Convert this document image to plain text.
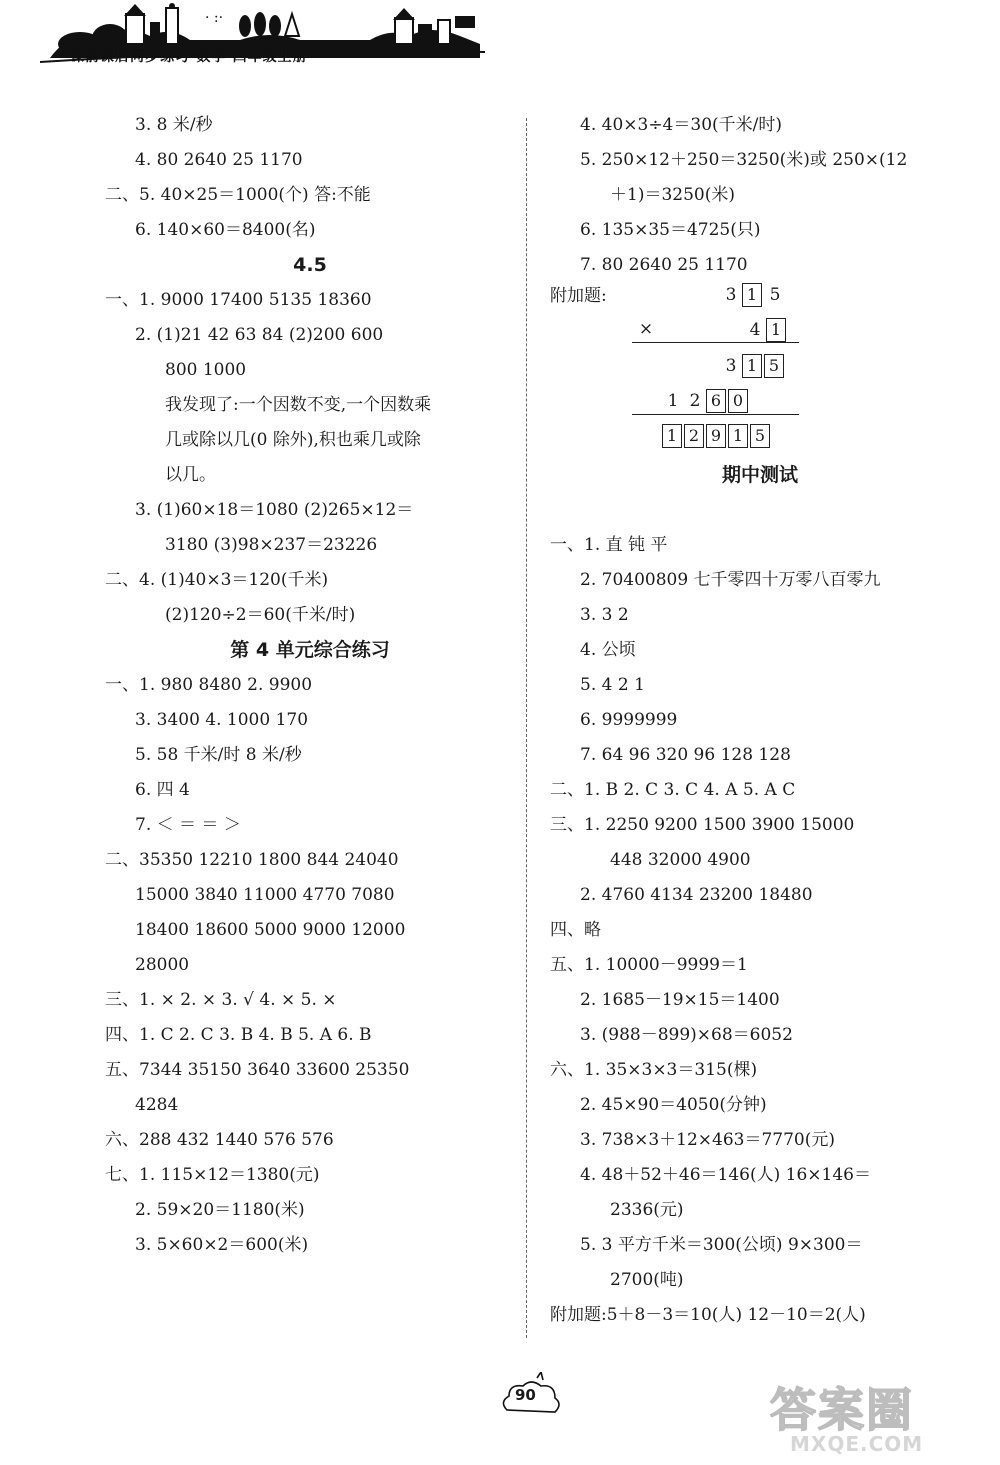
· :·
课前课后同步练习·数学·四年级上册
3. 8 米/秒
4. 80 2640 25 1170
二、5. 40×25＝1000(个) 答:不能
6. 140×60＝8400(名)
4.5
一、1. 9000 17400 5135 18360
2. (1)21 42 63 84 (2)200 600
800 1000
我发现了:一个因数不变,一个因数乘
几或除以几(0 除外),积也乘几或除
以几。
3. (1)60×18＝1080 (2)265×12＝
3180 (3)98×237＝23226
二、4. (1)40×3＝120(千米)
(2)120÷2＝60(千米/时)
第 4 单元综合练习
一、1. 980 8480 2. 9900
3. 3400 4. 1000 170
5. 58 千米/时 8 米/秒
6. 四 4
7. ＜ ＝ ＝ ＞
二、35350 12210 1800 844 24040
15000 3840 11000 4770 7080
18400 18600 5000 9000 12000
28000
三、1. × 2. × 3. √ 4. × 5. ×
四、1. C 2. C 3. B 4. B 5. A 6. B
五、7344 35150 3640 33600 25350
4284
六、288 432 1440 576 576
七、1. 115×12＝1380(元)
2. 59×20＝1180(米)
3. 5×60×2＝600(米)
4. 40×3÷4＝30(千米/时)
5. 250×12＋250＝3250(米)或 250×(12
＋1)＝3250(米)
6. 135×35＝4725(只)
7. 80 2640 25 1170
附加题:	3 1 5
×	4 1
3 1 5
1 2 6 0
1 2 9 1 5
期中测试
一、1. 直 钝 平
2. 70400809 七千零四十万零八百零九
3. 3 2
4. 公顷
5. 4 2 1
6. 9999999
7. 64 96 320 96 128 128
二、1. B 2. C 3. C 4. A 5. A C
三、1. 2250 9200 1500 3900 15000
448 32000 4900
2. 4760 4134 23200 18480
四、略
五、1. 10000－9999＝1
2. 1685－19×15＝1400
3. (988－899)×68＝6052
六、1. 35×3×3＝315(棵)
2. 45×90＝4050(分钟)
3. 738×3＋12×463＝7770(元)
4. 48＋52＋46＝146(人) 16×146＝
2336(元)
5. 3 平方千米＝300(公顷) 9×300＝
2700(吨)
附加题:5＋8－3＝10(人) 12－10＝2(人)
90	答案圈
MXQE.COM
